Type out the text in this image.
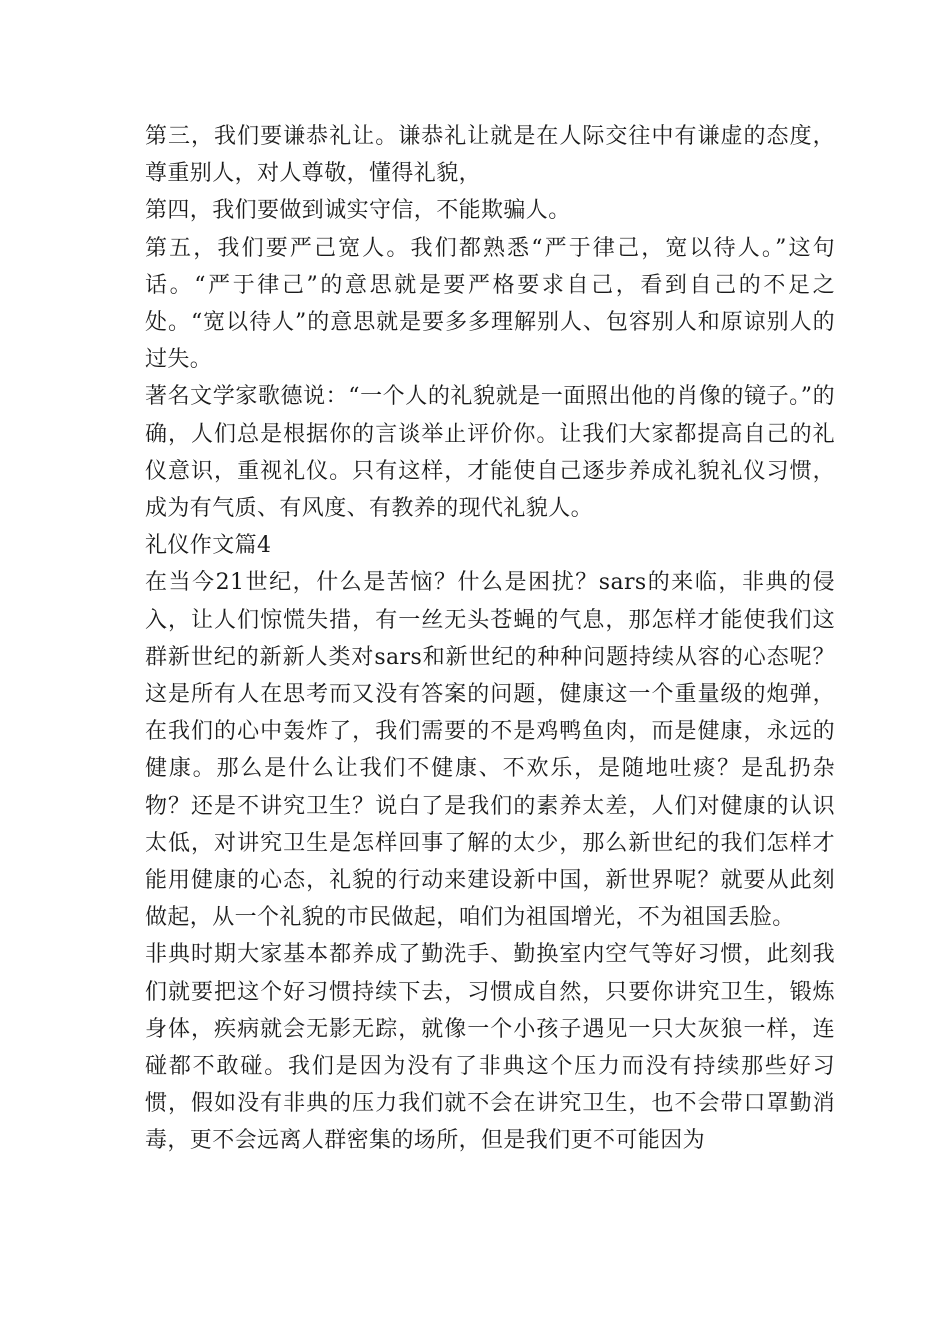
第三，我们要谦恭礼让。谦恭礼让就是在人际交往中有谦虚的态度，尊重别人，对人尊敬，懂得礼貌，

第四，我们要做到诚实守信，不能欺骗人。

第五，我们要严己宽人。我们都熟悉“严于律己，宽以待人。”这句话。“严于律己”的意思就是要严格要求自己，看到自己的不足之处。“宽以待人”的意思就是要多多理解别人、包容别人和原谅别人的过失。

著名文学家歌德说：“一个人的礼貌就是一面照出他的肖像的镜子。”的确，人们总是根据你的言谈举止评价你。让我们大家都提高自己的礼仪意识，重视礼仪。只有这样，才能使自己逐步养成礼貌礼仪习惯，成为有气质、有风度、有教养的现代礼貌人。

礼仪作文篇4

在当今21世纪，什么是苦恼？什么是困扰？sars的来临，非典的侵入，让人们惊慌失措，有一丝无头苍蝇的气息，那怎样才能使我们这群新世纪的新新人类对sars和新世纪的种种问题持续从容的心态呢？这是所有人在思考而又没有答案的问题，健康这一个重量级的炮弹，在我们的心中轰炸了，我们需要的不是鸡鸭鱼肉，而是健康，永远的健康。那么是什么让我们不健康、不欢乐，是随地吐痰？是乱扔杂物？还是不讲究卫生？说白了是我们的素养太差，人们对健康的认识太低，对讲究卫生是怎样回事了解的太少，那么新世纪的我们怎样才能用健康的心态，礼貌的行动来建设新中国，新世界呢？就要从此刻做起，从一个礼貌的市民做起，咱们为祖国增光，不为祖国丢脸。

非典时期大家基本都养成了勤洗手、勤换室内空气等好习惯，此刻我们就要把这个好习惯持续下去，习惯成自然，只要你讲究卫生，锻炼身体，疾病就会无影无踪，就像一个小孩子遇见一只大灰狼一样，连碰都不敢碰。我们是因为没有了非典这个压力而没有持续那些好习惯，假如没有非典的压力我们就不会在讲究卫生，也不会带口罩勤消毒，更不会远离人群密集的场所，但是我们更不可能因为
